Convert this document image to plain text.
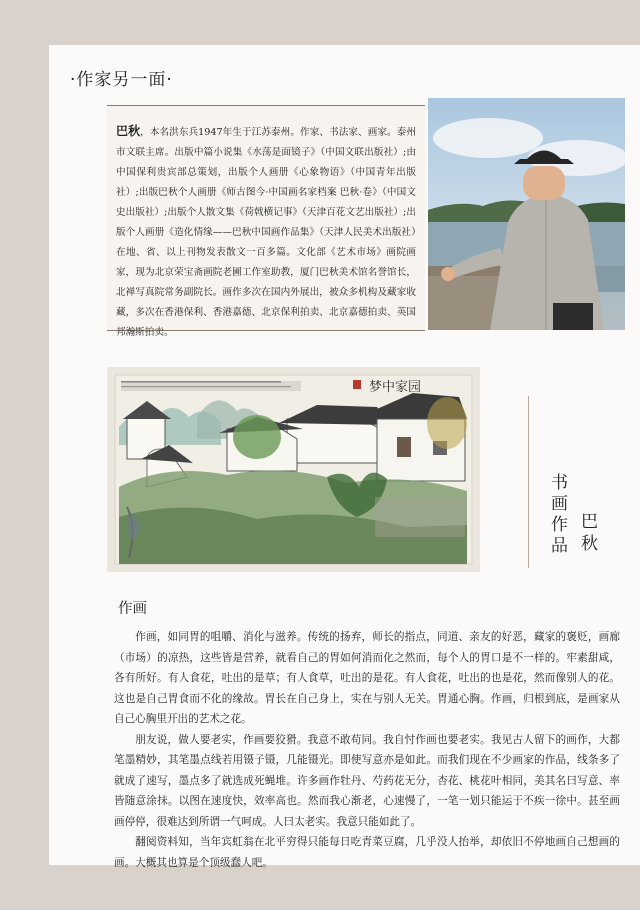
·作家另一面·
巴秋，本名洪东兵1947年生于江苏泰州。作家、书法家、画家。泰州市文联主席。出版中篇小说集《水荡是面镜子》（中国文联出版社）;由中国保利贵宾部总策划，出版个人画册《心象物语》（中国青年出版社）;出版巴秋个人画册《师古图今·中国画名家档案 巴秋·卷》（中国文史出版社）;出版个人散文集《荷戟横记事》（天津百花文艺出版社）;出版个人画册《造化情缘——巴秋中国画作品集》（天津人民美术出版社）在地、省、以上刊物发表散文一百多篇。文化部《艺术市场》画院画家，现为北京荣宝斋画院老圃工作室助教，厦门巴秋美术馆名誉馆长，北禅写真院常务副院长。画作多次在国内外展出，被众多机构及藏家收藏，多次在香港保利、香港嘉德、北京保利拍卖、北京嘉德拍卖、英国邦瀚斯拍卖。
梦中家园
书画作品 巴秋
作画

作画，如同胃的咀嚼、消化与滋养。传统的扬弃，师长的指点，同道、亲友的好恶，藏家的褒贬，画廊（市场）的凉热，这些皆是营养，就看自己的胃如何消而化之然而，每个人的胃口是不一样的。牢素甜咸，各有所好。有人食花，吐出的是草；有人食草，吐出的是花。有人食花，吐出的也是花，然而像别人的花。这也是自己胃食而不化的缘故。胃长在自己身上，实在与别人无关。胃通心胸。作画，归根到底，是画家从自己心胸里开出的艺术之花。

朋友说，做人要老实，作画要狡猾。我意不敢苟同。我自忖作画也要老实。我见古人留下的画作，大都笔墨精妙，其笔墨点线若用镊子镊，几能镊光。即使写意亦是如此。而我们现在不少画家的作品，线条多了就成了速写，墨点多了就选成死蝇堆。许多画作牡丹、芍药花无分，杏花、桃花叶相同，美其名曰写意、率皆随意涂抹。以图在速度快，效率高也。然而我心渐老，心速慢了，一笔一划只能运于不疾一徐中。甚至画画停停，很难达到所谓一气呵成。人曰太老实。我意只能如此了。

翻阅资料知，当年宾虹翁在北平穷得只能每日吃青菜豆腐，几乎没人抬举，却依旧不停地画自己想画的画。大概其也算是个顶级蠢人吧。
